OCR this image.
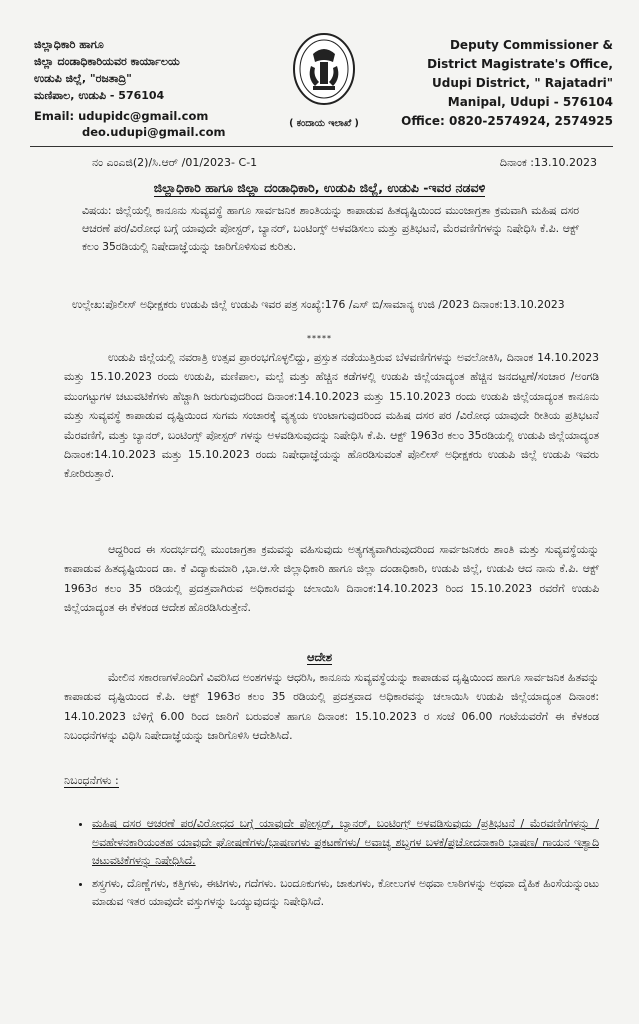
ಜಿಲ್ಲಾಧಿಕಾರಿ ಹಾಗೂ
ಜಿಲ್ಲಾ ದಂಡಾಧಿಕಾರಿಯವರ ಕಾರ್ಯಾಲಯ
ಉಡುಪಿ ಜಿಲ್ಲೆ, "ರಜತಾದ್ರಿ"
ಮಣಿಪಾಲ, ಉಡುಪಿ - 576104
Email: udupidc@gmail.com
deo.udupi@gmail.com
( ಕಂದಾಯ ಇಲಾಖೆ )
Deputy Commissioner &
District Magistrate's Office,
Udupi District, " Rajatadri"
Manipal, Udupi - 576104
Office: 0820-2574924, 2574925
ನಂ ಎಂಎಜಿ(2)/ಸಿ.ಆರ್ /01/2023- C-1	ದಿನಾಂಕ :13.10.2023
ಜಿಲ್ಲಾಧಿಕಾರಿ ಹಾಗೂ ಜಿಲ್ಲಾ ದಂಡಾಧಿಕಾರಿ, ಉಡುಪಿ ಜಿಲ್ಲೆ, ಉಡುಪಿ -ಇವರ ನಡವಳಿ
ವಿಷಯ: ಜಿಲ್ಲೆಯಲ್ಲಿ ಕಾನೂನು ಸುವ್ಯವಸ್ಥೆ ಹಾಗೂ ಸಾರ್ವಜನಿಕ ಶಾಂತಿಯನ್ನು ಕಾಪಾಡುವ ಹಿತದೃಷ್ಟಿಯಿಂದ ಮುಂಜಾಗ್ರತಾ ಕ್ರಮವಾಗಿ ಮಹಿಷ ದಸರ ಆಚರಣೆ ಪರ/ವಿರೋಧ ಬಗ್ಗೆ ಯಾವುದೇ ಪೋಸ್ಟರ್, ಬ್ಯಾನರ್, ಬಂಟಿಂಗ್ಸ್ ಅಳವಡಿಸಲು ಮತ್ತು ಪ್ರತಿಭಟನೆ, ಮೆರವಣಿಗೆಗಳನ್ನು ನಿಷೇಧಿಸಿ ಕೆ.ಪಿ. ಆಕ್ಟ್ ಕಲಂ 35ರಡಿಯಲ್ಲಿ ನಿಷೇದಾಜ್ಞೆಯನ್ನು ಜಾರಿಗೊಳಿಸುವ ಕುರಿತು.
ಉಲ್ಲೇಖ:ಪೊಲೀಸ್ ಅಧೀಕ್ಷಕರು ಉಡುಪಿ ಜಿಲ್ಲೆ ಉಡುಪಿ ಇವರ ಪತ್ರ ಸಂಖ್ಯೆ:176 /ಎಸ್ ಬಿ/ಸಾಮಾನ್ಯ ಉಜಿ /2023 ದಿನಾಂಕ:13.10.2023
*****
ಉಡುಪಿ ಜಿಲ್ಲೆಯಲ್ಲಿ ನವರಾತ್ರಿ ಉತ್ಸವ ಪ್ರಾರಂಭಗೊಳ್ಳಲಿದ್ದು, ಪ್ರಸ್ತುತ ನಡೆಯುತ್ತಿರುವ ಬೆಳವಣಿಗೆಗಳನ್ನು ಅವಲೋಕಿಸಿ, ದಿನಾಂಕ 14.10.2023 ಮತ್ತು 15.10.2023 ರಂದು ಉಡುಪಿ, ಮಣಿಪಾಲ, ಮಲ್ಪೆ ಮತ್ತು ಹೆಚ್ಚಿನ ಕಡೆಗಳಲ್ಲಿ ಉಡುಪಿ ಜಿಲ್ಲೆಯಾದ್ಯಂತ ಹೆಚ್ಚಿನ ಜನದಟ್ಟಣೆ/ಸಂಚಾರ /ಅಂಗಡಿ ಮುಂಗಟ್ಟುಗಳ ಚಟುವಟಿಕೆಗಳು ಹೆಚ್ಚಾಗಿ ಜರುಗುವುದರಿಂದ ದಿನಾಂಕ:14.10.2023 ಮತ್ತು 15.10.2023 ರಂದು ಉಡುಪಿ ಜಿಲ್ಲೆಯಾದ್ಯಂತ ಕಾನೂನು ಮತ್ತು ಸುವ್ಯವಸ್ಥೆ ಕಾಪಾಡುವ ದೃಷ್ಟಿಯಿಂದ ಸುಗಮ ಸಂಚಾರಕ್ಕೆ ವ್ಯತ್ಯಯ ಉಂಟಾಗುವುದರಿಂದ ಮಹಿಷ ದಸರ ಪರ /ವಿರೋಧ ಯಾವುದೇ ರೀತಿಯ ಪ್ರತಿಭಟನೆ ಮೆರವಣಿಗೆ, ಮತ್ತು ಬ್ಯಾನರ್, ಬಂಟಿಂಗ್ಸ್ ಪೋಸ್ಟರ್ ಗಳನ್ನು ಅಳವಡಿಸುವುದನ್ನು ನಿಷೇಧಿಸಿ ಕೆ.ಪಿ. ಆಕ್ಟ್ 1963ರ ಕಲಂ 35ರಡಿಯಲ್ಲಿ ಉಡುಪಿ ಜಿಲ್ಲೆಯಾದ್ಯಂತ ದಿನಾಂಕ:14.10.2023 ಮತ್ತು 15.10.2023 ರಂದು ನಿಷೇಧಾಜ್ಞೆಯನ್ನು ಹೊರಡಿಸುವಂತೆ ಪೊಲೀಸ್ ಅಧೀಕ್ಷಕರು ಉಡುಪಿ ಜಿಲ್ಲೆ ಉಡುಪಿ ಇವರು ಕೋರಿರುತ್ತಾರೆ.
ಆದ್ದರಿಂದ ಈ ಸಂದರ್ಭದಲ್ಲಿ ಮುಂಜಾಗ್ರತಾ ಕ್ರಮವನ್ನು ವಹಿಸುವುದು ಅತ್ಯಗತ್ಯವಾಗಿರುವುದರಿಂದ ಸಾರ್ವಜನಿಕರು ಶಾಂತಿ ಮತ್ತು ಸುವ್ಯವಸ್ಥೆಯನ್ನು ಕಾಪಾಡುವ ಹಿತದೃಷ್ಟಿಯಿಂದ ಡಾ. ಕೆ ವಿದ್ಯಾಕುಮಾರಿ ,ಭಾ.ಆ.ಸೇ ಜಿಲ್ಲಾಧಿಕಾರಿ ಹಾಗೂ ಜಿಲ್ಲಾ ದಂಡಾಧಿಕಾರಿ, ಉಡುಪಿ ಜಿಲ್ಲೆ, ಉಡುಪಿ ಆದ ನಾನು ಕೆ.ಪಿ. ಆಕ್ಟ್ 1963ರ ಕಲಂ 35 ರಡಿಯಲ್ಲಿ ಪ್ರದತ್ತವಾಗಿರುವ ಅಧಿಕಾರವನ್ನು ಚಲಾಯಿಸಿ ದಿನಾಂಕ:14.10.2023 ರಿಂದ 15.10.2023 ರವರೆಗೆ ಉಡುಪಿ ಜಿಲ್ಲೆಯಾದ್ಯಂತ ಈ ಕೆಳಕಂಡ ಆದೇಶ ಹೊರಡಿಸಿರುತ್ತೇನೆ.
ಆದೇಶ
ಮೇಲಿನ ಸಕಾರಣಗಳೊಂದಿಗೆ ವಿವರಿಸಿದ ಅಂಶಗಳನ್ನು ಆಧರಿಸಿ, ಕಾನೂನು ಸುವ್ಯವಸ್ಥೆಯನ್ನು ಕಾಪಾಡುವ ದೃಷ್ಟಿಯಿಂದ ಹಾಗೂ ಸಾರ್ವಜನಿಕ ಹಿತವನ್ನು ಕಾಪಾಡುವ ದೃಷ್ಟಿಯಿಂದ ಕೆ.ಪಿ. ಆಕ್ಟ್ 1963ರ ಕಲಂ 35 ರಡಿಯಲ್ಲಿ ಪ್ರದತ್ತವಾದ ಅಧಿಕಾರವನ್ನು ಚಲಾಯಿಸಿ ಉಡುಪಿ ಜಿಲ್ಲೆಯಾದ್ಯಂತ ದಿನಾಂಕ: 14.10.2023 ಬೆಳಿಗ್ಗೆ 6.00 ರಿಂದ ಜಾರಿಗೆ ಬರುವಂತೆ ಹಾಗೂ ದಿನಾಂಕ: 15.10.2023 ರ ಸಂಜೆ 06.00 ಗಂಟೆಯವರೆಗೆ ಈ ಕೆಳಕಂಡ ನಿಬಂಧನೆಗಳನ್ನು ವಿಧಿಸಿ ನಿಷೇದಾಜ್ಞೆಯನ್ನು ಜಾರಿಗೊಳಿಸಿ ಆದೇಶಿಸಿದೆ.
ನಿಬಂಧನೆಗಳು :
• ಮಹಿಷ ದಸರ ಆಚರಣೆ ಪರ/ವಿರೋಧದ ಬಗ್ಗೆ ಯಾವುದೇ ಪೋಸ್ಟರ್, ಬ್ಯಾನರ್, ಬಂಟಿಂಗ್ಸ್ ಅಳವಡಿಸುವುದು /ಪ್ರತಿಭಟನೆ / ಮೆರವಣಿಗೆಗಳನ್ನು /ಅವಹೇಳನಕಾರಿಯಂತಹ ಯಾವುದೇ ಘೋಷಣೆಗಳು/ಭಾಷಣಗಳು ಪ್ರಕಟಣೆಗಳು/ ಅವಾಚ್ಯ ಶಬ್ದಗಳ ಬಳಕೆ/ಪ್ರಚೋದನಾಕಾರಿ ಭಾಷಣ/ ಗಾಯನ ಇತ್ಯಾದಿ ಚಟುವಟಿಕೆಗಳನ್ನು ನಿಷೇಧಿಸಿದೆ.
• ಶಸ್ತ್ರಗಳು, ದೊಣ್ಣೆಗಳು, ಕತ್ತಿಗಳು, ಈಟಿಗಳು, ಗದೆಗಳು. ಬಂದೂಕುಗಳು, ಚಾಕುಗಳು, ಕೋಲುಗಳ ಅಥವಾ ಲಾಠಿಗಳನ್ನು ಅಥವಾ ದೈಹಿಕ ಹಿಂಸೆಯನ್ನುಂಟು ಮಾಡುವ ಇತರ ಯಾವುದೇ ವಸ್ತುಗಳನ್ನು ಒಯ್ಯುವುದನ್ನು ನಿಷೇಧಿಸಿದೆ.
